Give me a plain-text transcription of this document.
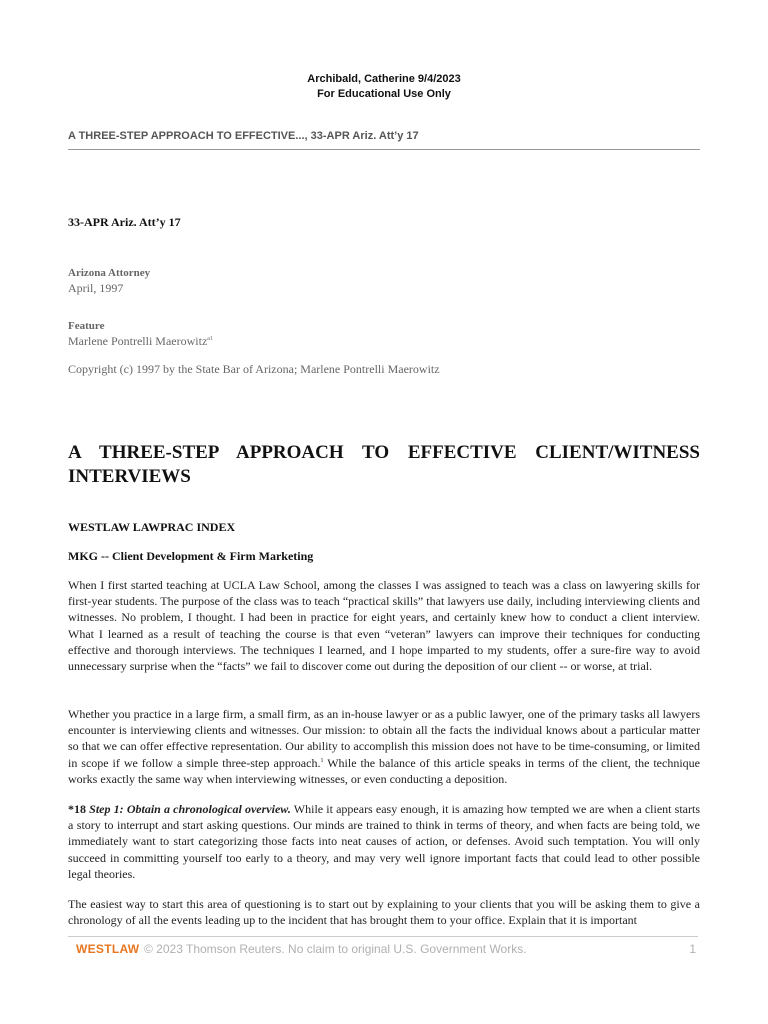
Archibald, Catherine 9/4/2023
For Educational Use Only
A THREE-STEP APPROACH TO EFFECTIVE..., 33-APR Ariz. Att’y 17
33-APR Ariz. Att’y 17
Arizona Attorney
April, 1997
Feature
Marlene Pontrelli Maerowitz$^{a1}$
Copyright (c) 1997 by the State Bar of Arizona; Marlene Pontrelli Maerowitz
A THREE-STEP APPROACH TO EFFECTIVE CLIENT/WITNESS
INTERVIEWS
WESTLAW LAWPRAC INDEX
MKG -- Client Development & Firm Marketing

When I first started teaching at UCLA Law School, among the classes I was assigned to teach was a class on lawyering skills for first-year students. The purpose of the class was to teach “practical skills” that lawyers use daily, including interviewing clients and witnesses. No problem, I thought. I had been in practice for eight years, and certainly knew how to conduct a client interview. What I learned as a result of teaching the course is that even “veteran” lawyers can improve their techniques for conducting effective and thorough interviews. The techniques I learned, and I hope imparted to my students, offer a sure-fire way to avoid unnecessary surprise when the “facts” we fail to discover come out during the deposition of our client -- or worse, at trial.

Whether you practice in a large firm, a small firm, as an in-house lawyer or as a public lawyer, one of the primary tasks all lawyers encounter is interviewing clients and witnesses. Our mission: to obtain all the facts the individual knows about a particular matter so that we can offer effective representation. Our ability to accomplish this mission does not have to be time-consuming, or limited in scope if we follow a simple three-step approach.$^1$ While the balance of this article speaks in terms of the client, the technique works exactly the same way when interviewing witnesses, or even conducting a deposition.

*18 Step 1: Obtain a chronological overview. While it appears easy enough, it is amazing how tempted we are when a client starts a story to interrupt and start asking questions. Our minds are trained to think in terms of theory, and when facts are being told, we immediately want to start categorizing those facts into neat causes of action, or defenses. Avoid such temptation. You will only succeed in committing yourself too early to a theory, and may very well ignore important facts that could lead to other possible legal theories.

The easiest way to start this area of questioning is to start out by explaining to your clients that you will be asking them to give a chronology of all the events leading up to the incident that has brought them to your office. Explain that it is important

WESTLAW © 2023 Thomson Reuters. No claim to original U.S. Government Works.	1
